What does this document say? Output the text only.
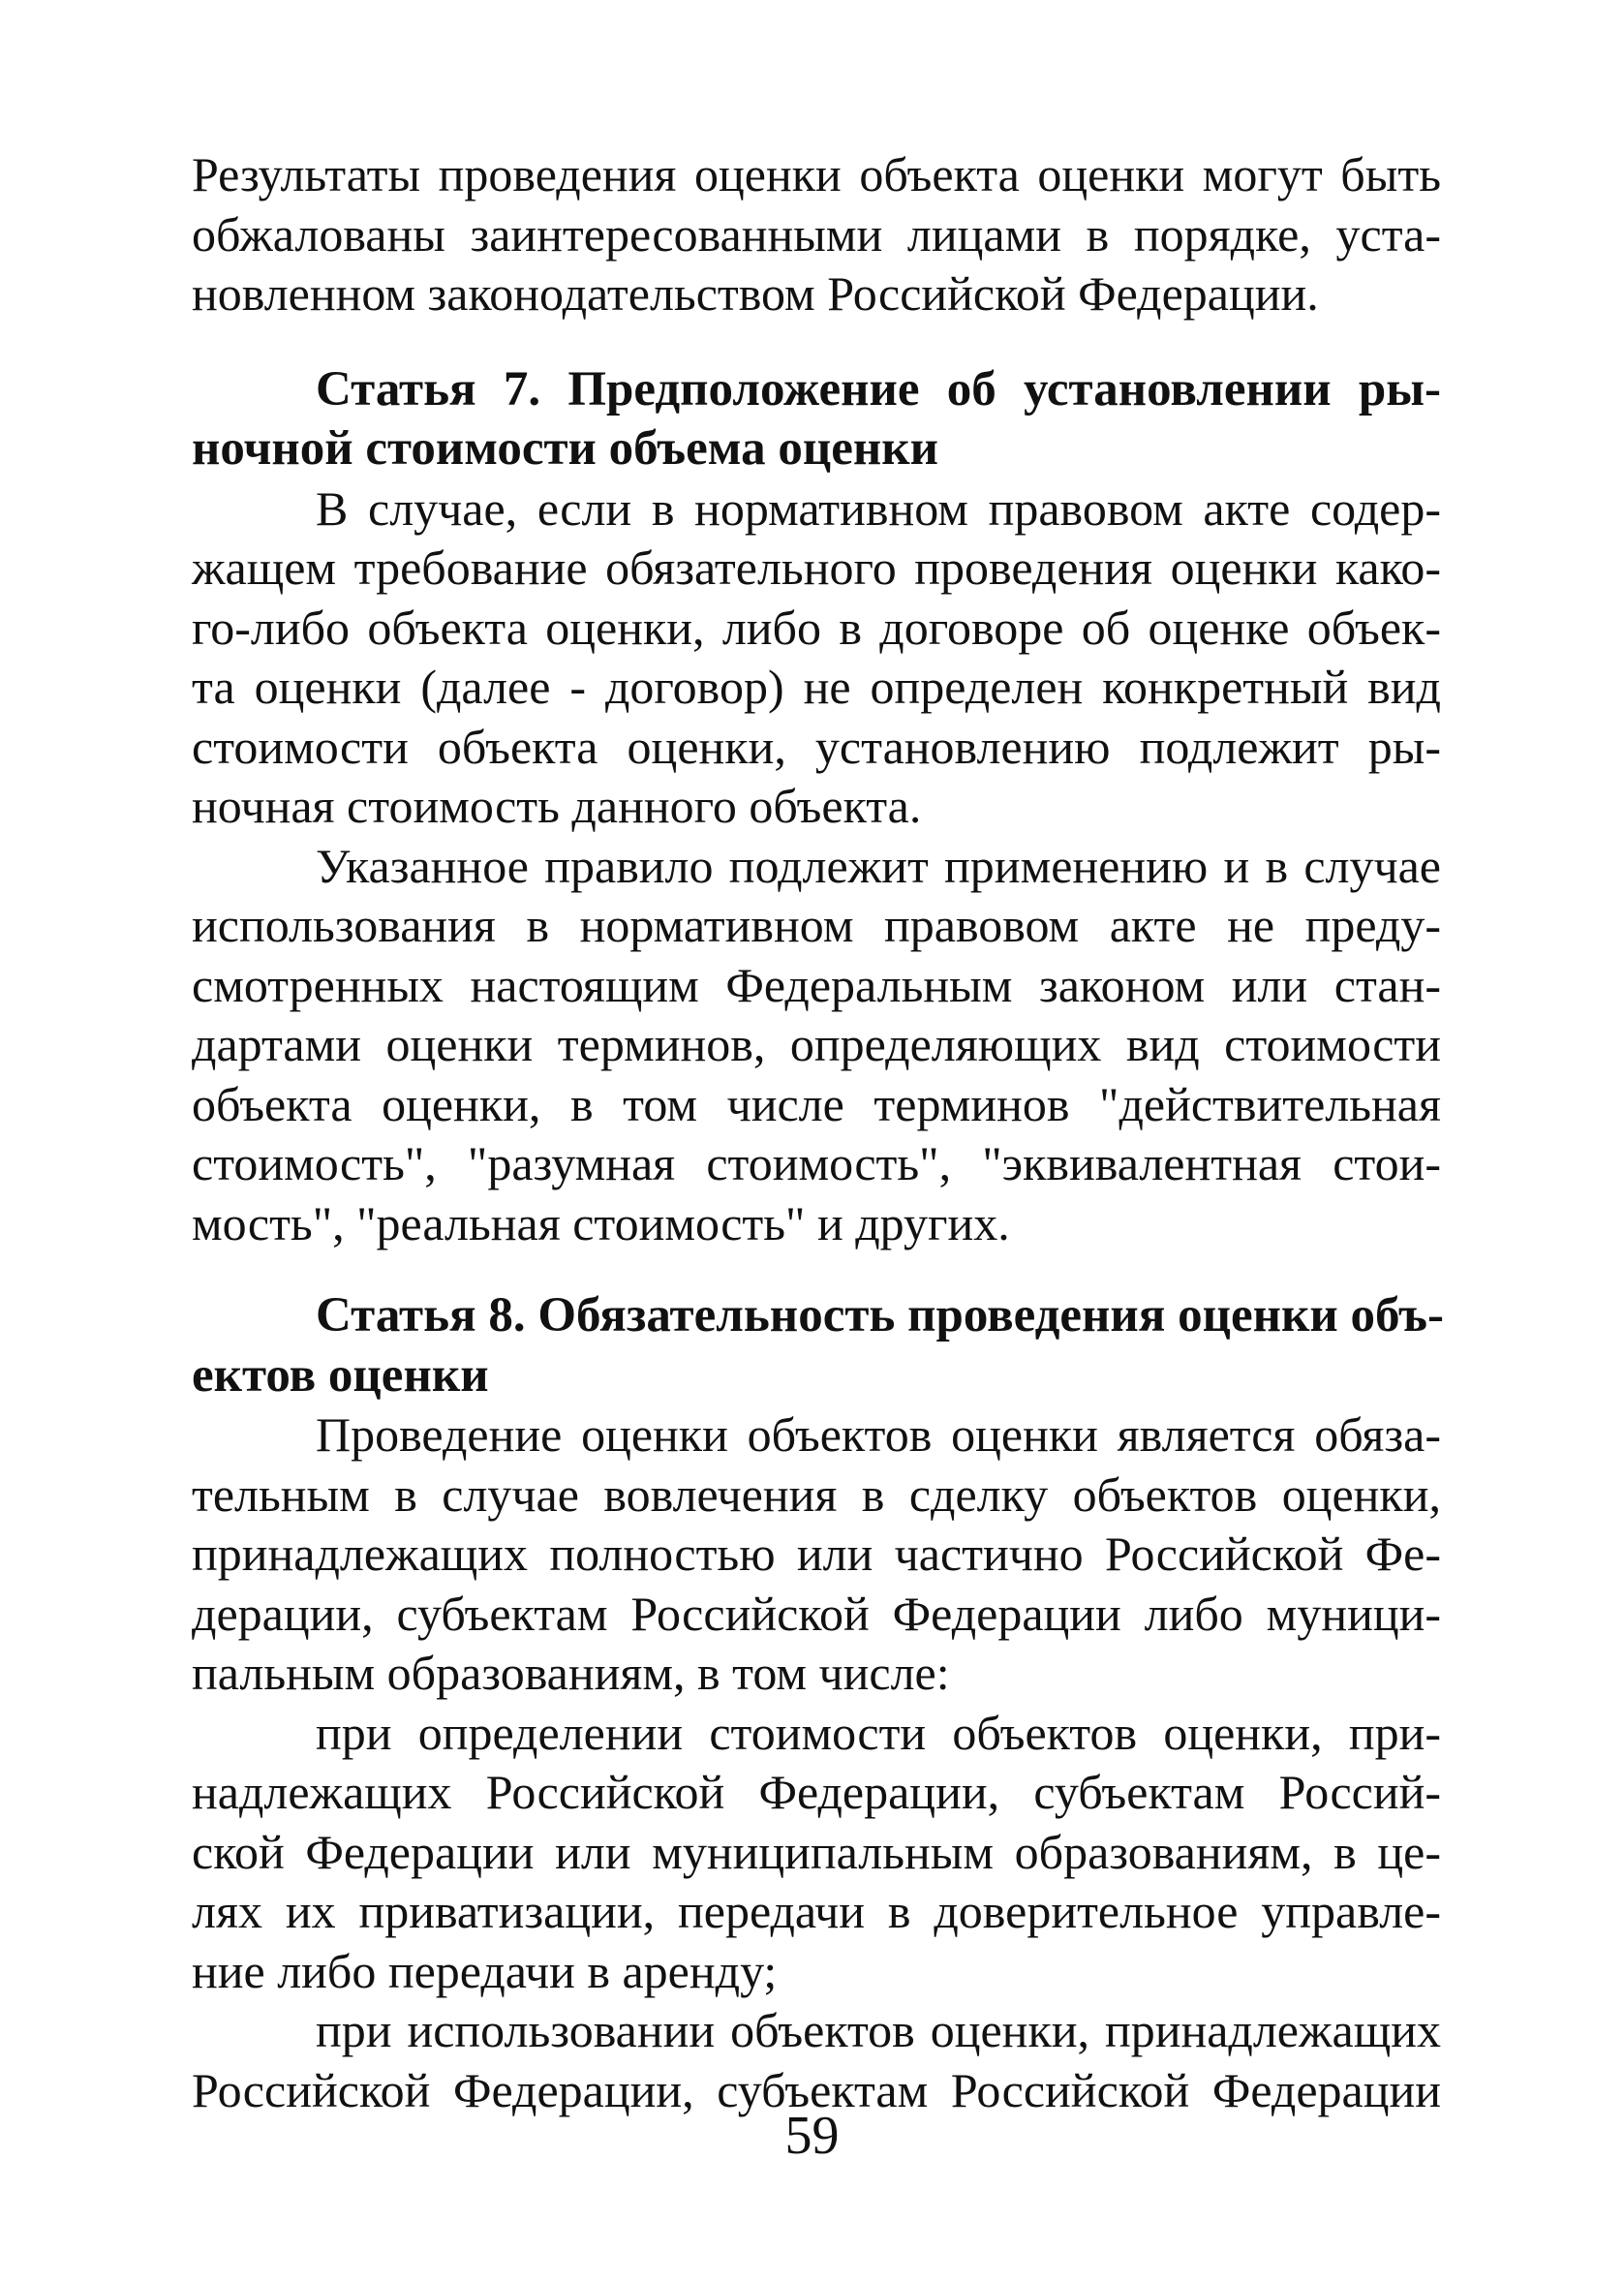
Результаты проведения оценки объекта оценки могут быть
обжалованы заинтересованными лицами в порядке, уста-
новленном законодательством Российской Федерации.
Статья 7. Предположение об установлении ры-
ночной стоимости объема оценки
В случае, если в нормативном правовом акте содер-
жащем требование обязательного проведения оценки како-
го-либо объекта оценки, либо в договоре об оценке объек-
та оценки (далее - договор) не определен конкретный вид
стоимости объекта оценки, установлению подлежит ры-
ночная стоимость данного объекта.
Указанное правило подлежит применению и в случае
использования в нормативном правовом акте не преду-
смотренных настоящим Федеральным законом или стан-
дартами оценки терминов, определяющих вид стоимости
объекта оценки, в том числе терминов "действительная
стоимость", "разумная стоимость", "эквивалентная стои-
мость", "реальная стоимость" и других.
Статья 8. Обязательность проведения оценки объ-
ектов оценки
Проведение оценки объектов оценки является обяза-
тельным в случае вовлечения в сделку объектов оценки,
принадлежащих полностью или частично Российской Фе-
дерации, субъектам Российской Федерации либо муници-
пальным образованиям, в том числе:
при определении стоимости объектов оценки, при-
надлежащих Российской Федерации, субъектам Россий-
ской Федерации или муниципальным образованиям, в це-
лях их приватизации, передачи в доверительное управле-
ние либо передачи в аренду;
при использовании объектов оценки, принадлежащих
Российской Федерации, субъектам Российской Федерации
59
